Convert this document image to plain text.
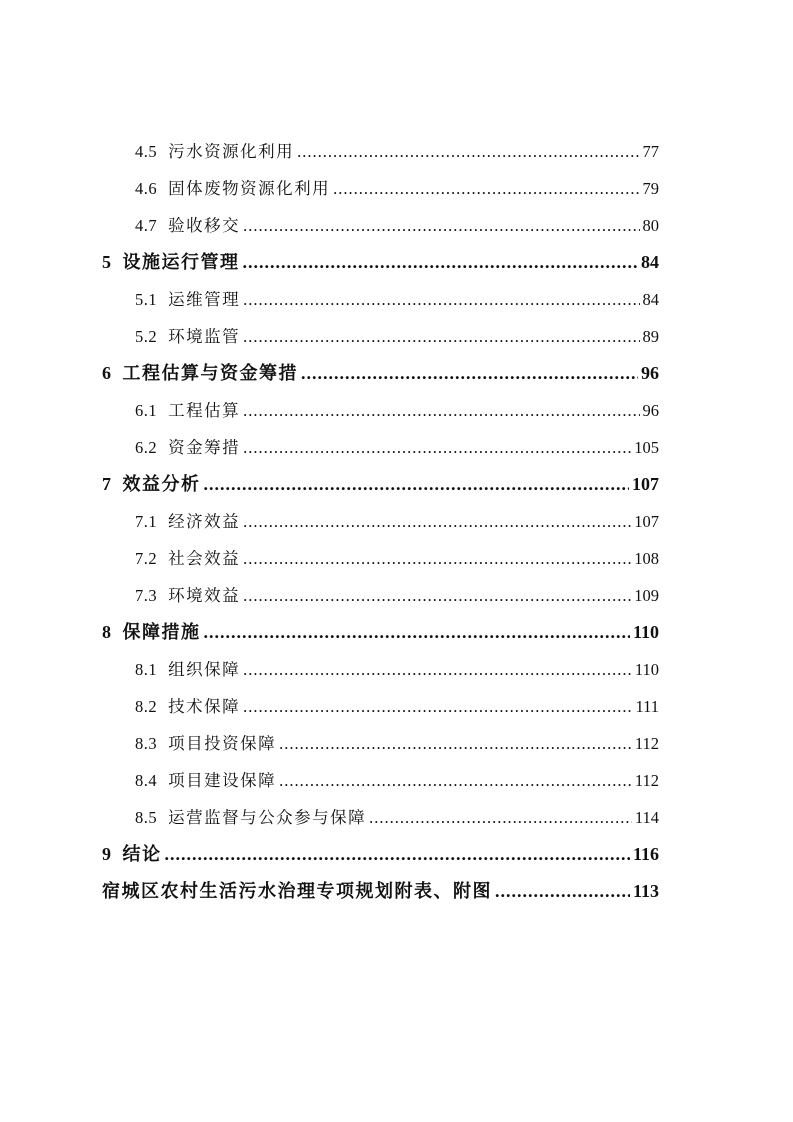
4.5 污水资源化利用 .....	77
4.6 固体废物资源化利用 .....	79
4.7 验收移交 .....	80
5 设施运行管理 .....	84
5.1 运维管理 .....	84
5.2 环境监管 .....	89
6 工程估算与资金筹措 .....	96
6.1 工程估算 .....	96
6.2 资金筹措 .....	105
7 效益分析 .....	107
7.1 经济效益 .....	107
7.2 社会效益 .....	108
7.3 环境效益 .....	109
8 保障措施 .....	110
8.1 组织保障 .....	110
8.2 技术保障 .....	111
8.3 项目投资保障 .....	112
8.4 项目建设保障 .....	112
8.5 运营监督与公众参与保障 .....	114
9 结论 .....	116
宿城区农村生活污水治理专项规划附表、附图 .....	113
